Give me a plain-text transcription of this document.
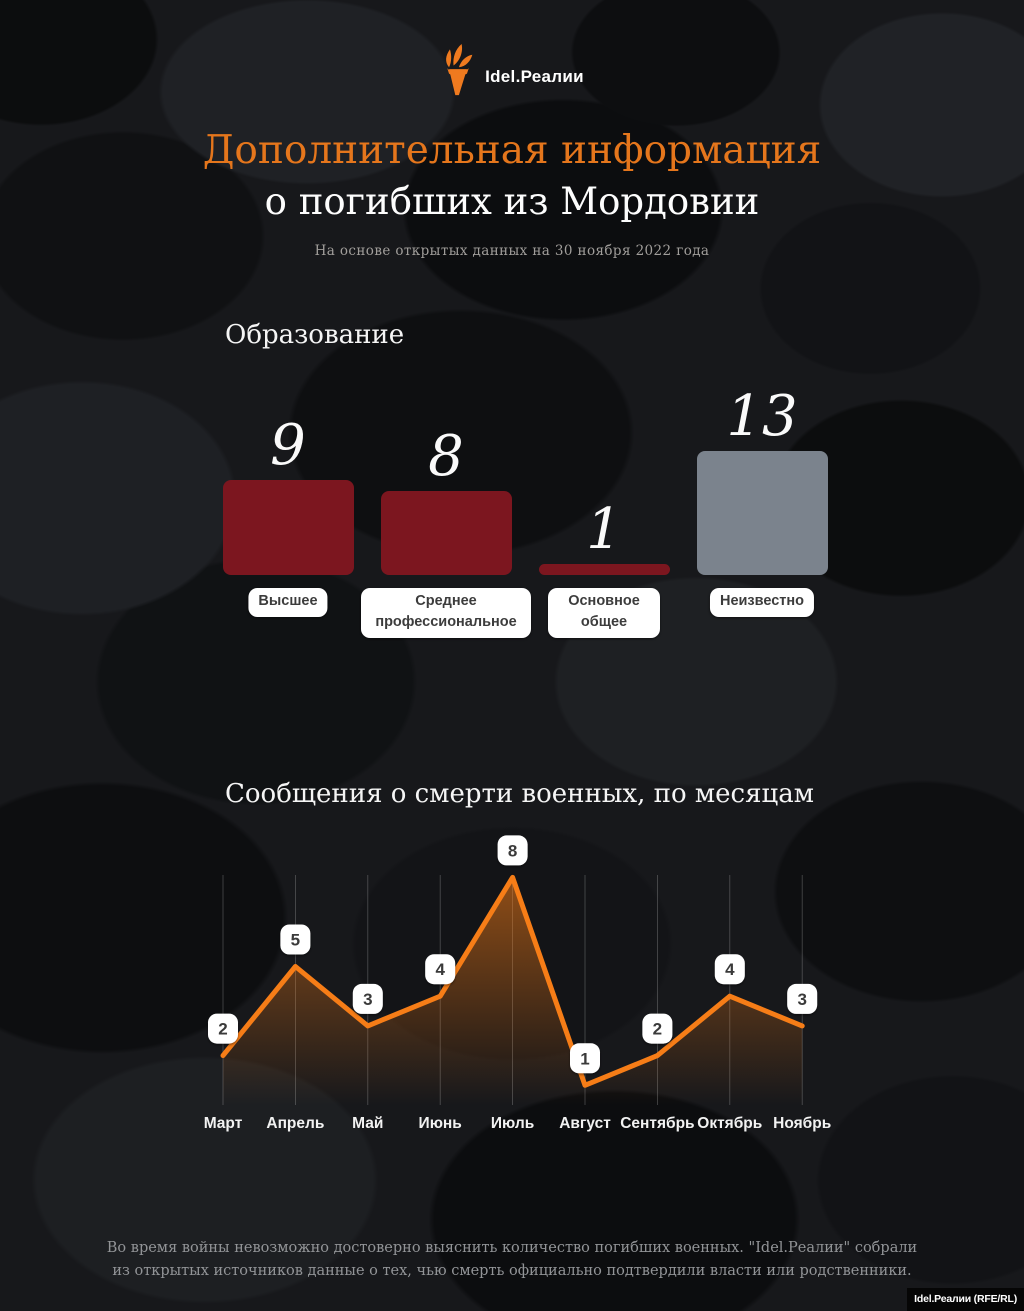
Idel.Реалии
Дополнительная информация
о погибших из Мордовии
На основе открытых данных на 30 ноября 2022 года
Образование
9
Высшее
8
Среднее профессиональное
1
Основное общее
13
Неизвестно
Сообщения о смерти военных, по месяцам
2
5
3
4
8
1
2
4
3
Март Апрель Май Июнь Июль Август Сентябрь Октябрь Ноябрь
Во время войны невозможно достоверно выяснить количество погибших военных. "Idel.Реалии" собрали
из открытых источников данные о тех, чью смерть официально подтвердили власти или родственники.
Idel.Реалии (RFE/RL)
